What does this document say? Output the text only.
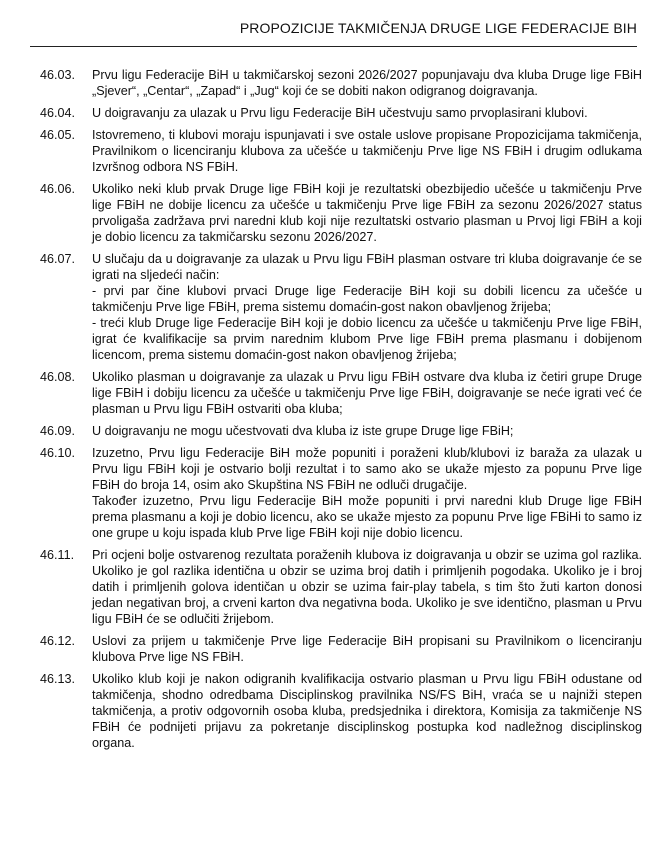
PROPOZICIJE TAKMIČENJA DRUGE LIGE FEDERACIJE BIH
46.03.	Prvu ligu Federacije BiH u takmičarskoj sezoni 2026/2027 popunjavaju dva kluba Druge lige FBiH „Sjever“, „Centar“, „Zapad“ i „Jug“ koji će se dobiti nakon odigranog doigravanja.

46.04.	U doigravanju za ulazak u Prvu ligu Federacije BiH učestvuju samo prvoplasirani klubovi.

46.05.	Istovremeno, ti klubovi moraju ispunjavati i sve ostale uslove propisane Propozicijama takmičenja, Pravilnikom o licenciranju klubova za učešće u takmičenju Prve lige NS FBiH i drugim odlukama Izvršnog odbora NS FBiH.

46.06.	Ukoliko neki klub prvak Druge lige FBiH koji je rezultatski obezbijedio učešće u takmičenju Prve lige FBiH ne dobije licencu za učešće u takmičenju Prve lige FBiH za sezonu 2026/2027 status prvoligaša zadržava prvi naredni klub koji nije rezultatski ostvario plasman u Prvoj ligi FBiH a koji je dobio licencu za takmičarsku sezonu 2026/2027.

46.07.	U slučaju da u doigravanje za ulazak u Prvu ligu FBiH plasman ostvare tri kluba doigravanje će se igrati na sljedeći način:

- prvi par čine klubovi prvaci Druge lige Federacije BiH koji su dobili licencu za učešće u takmičenju Prve lige FBiH, prema sistemu domaćin-gost nakon obavljenog žrijeba;

- treći klub Druge lige Federacije BiH koji je dobio licencu za učešće u takmičenju Prve lige FBiH, igrat će kvalifikacije sa prvim narednim klubom Prve lige FBiH prema plasmanu i dobijenom licencom, prema sistemu domaćin-gost nakon obavljenog žrijeba;

46.08.	Ukoliko plasman u doigravanje za ulazak u Prvu ligu FBiH ostvare dva kluba iz četiri grupe Druge lige FBiH i dobiju licencu za učešće u takmičenju Prve lige FBiH, doigravanje se neće igrati već će plasman u Prvu ligu FBiH ostvariti oba kluba;

46.09.	U doigravanju ne mogu učestvovati dva kluba iz iste grupe Druge lige FBiH;

46.10.	Izuzetno, Prvu ligu Federacije BiH može popuniti i poraženi klub/klubovi iz baraža za ulazak u Prvu ligu FBiH koji je ostvario bolji rezultat i to samo ako se ukaže mjesto za popunu Prve lige FBiH do broja 14, osim ako Skupština NS FBiH ne odluči drugačije.

Također izuzetno, Prvu ligu Federacije BiH može popuniti i prvi naredni klub Druge lige FBiH prema plasmanu a koji je dobio licencu, ako se ukaže mjesto za popunu Prve lige FBiHi to samo iz one grupe u koju ispada klub Prve lige FBiH koji nije dobio licencu.

46.11.	Pri ocjeni bolje ostvarenog rezultata poraženih klubova iz doigravanja u obzir se uzima gol razlika. Ukoliko je gol razlika identična u obzir se uzima broj datih i primljenih pogodaka. Ukoliko je i broj datih i primljenih golova identičan u obzir se uzima fair-play tabela, s tim što žuti karton donosi jedan negativan broj, a crveni karton dva negativna boda. Ukoliko je sve identično, plasman u Prvu ligu FBiH će se odlučiti žrijebom.

46.12.	Uslovi za prijem u takmičenje Prve lige Federacije BiH propisani su Pravilnikom o licenciranju klubova Prve lige NS FBiH.

46.13.	Ukoliko klub koji je nakon odigranih kvalifikacija ostvario plasman u Prvu ligu FBiH odustane od takmičenja, shodno odredbama Disciplinskog pravilnika NS/FS BiH, vraća se u najniži stepen takmičenja, a protiv odgovornih osoba kluba, predsjednika i direktora, Komisija za takmičenje NS FBiH će podnijeti prijavu za pokretanje disciplinskog postupka kod nadležnog disciplinskog organa.
